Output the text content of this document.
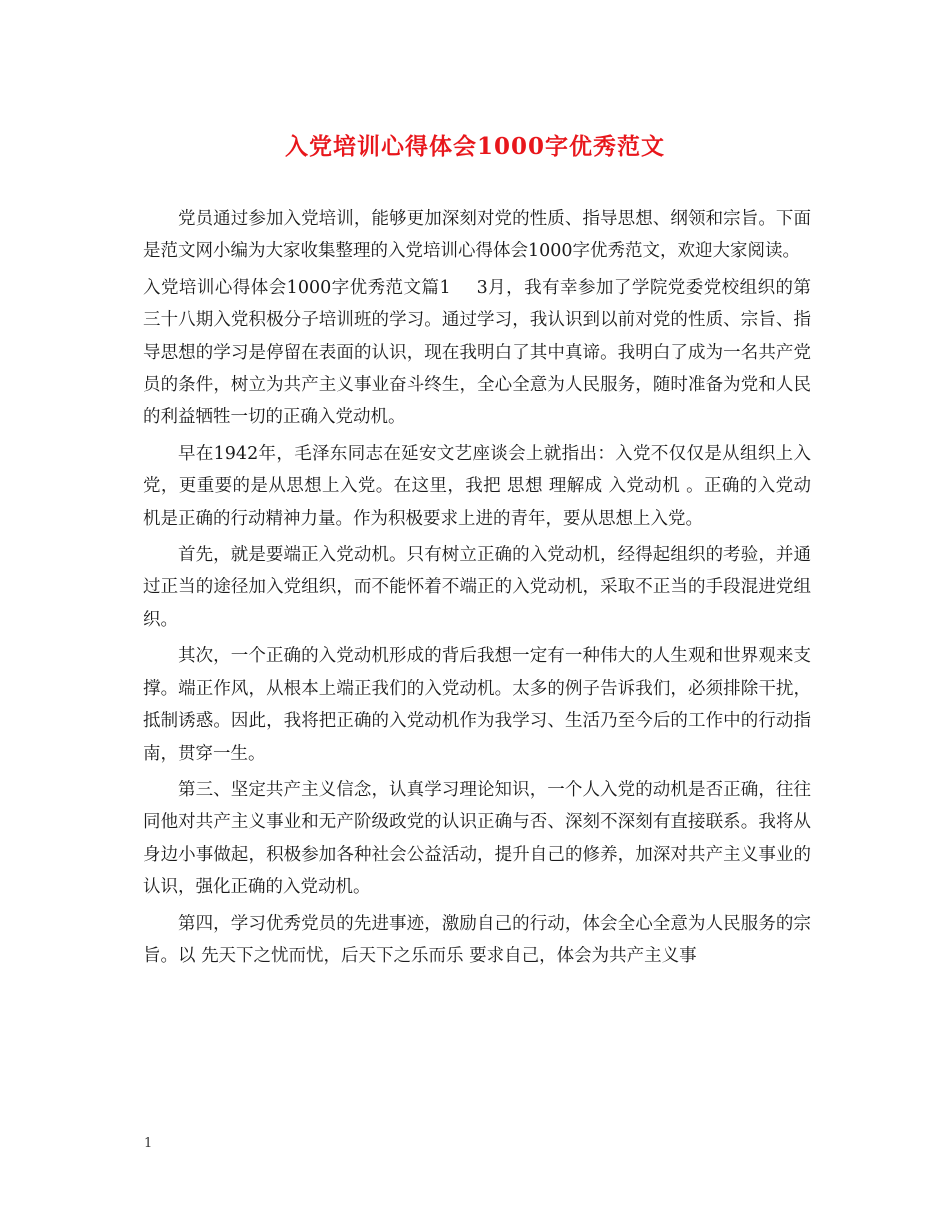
入党培训心得体会1000字优秀范文

党员通过参加入党培训，能够更加深刻对党的性质、指导思想、纲领和宗旨。下面是范文网小编为大家收集整理的入党培训心得体会1000字优秀范文，欢迎大家阅读。

入党培训心得体会1000字优秀范文篇1 3月，我有幸参加了学院党委党校组织的第三十八期入党积极分子培训班的学习。通过学习，我认识到以前对党的性质、宗旨、指导思想的学习是停留在表面的认识，现在我明白了其中真谛。我明白了成为一名共产党员的条件，树立为共产主义事业奋斗终生，全心全意为人民服务，随时准备为党和人民的利益牺牲一切的正确入党动机。

早在1942年，毛泽东同志在延安文艺座谈会上就指出：入党不仅仅是从组织上入党，更重要的是从思想上入党。在这里，我把 思想 理解成 入党动机 。正确的入党动机是正确的行动精神力量。作为积极要求上进的青年，要从思想上入党。

首先，就是要端正入党动机。只有树立正确的入党动机，经得起组织的考验，并通过正当的途径加入党组织，而不能怀着不端正的入党动机，采取不正当的手段混进党组织。

其次，一个正确的入党动机形成的背后我想一定有一种伟大的人生观和世界观来支撑。端正作风，从根本上端正我们的入党动机。太多的例子告诉我们，必须排除干扰，抵制诱惑。因此，我将把正确的入党动机作为我学习、生活乃至今后的工作中的行动指南，贯穿一生。

第三、坚定共产主义信念，认真学习理论知识，一个人入党的动机是否正确，往往同他对共产主义事业和无产阶级政党的认识正确与否、深刻不深刻有直接联系。我将从身边小事做起，积极参加各种社会公益活动，提升自己的修养，加深对共产主义事业的认识，强化正确的入党动机。

第四，学习优秀党员的先进事迹，激励自己的行动，体会全心全意为人民服务的宗旨。以 先天下之忧而忧，后天下之乐而乐 要求自己，体会为共产主义事

1
